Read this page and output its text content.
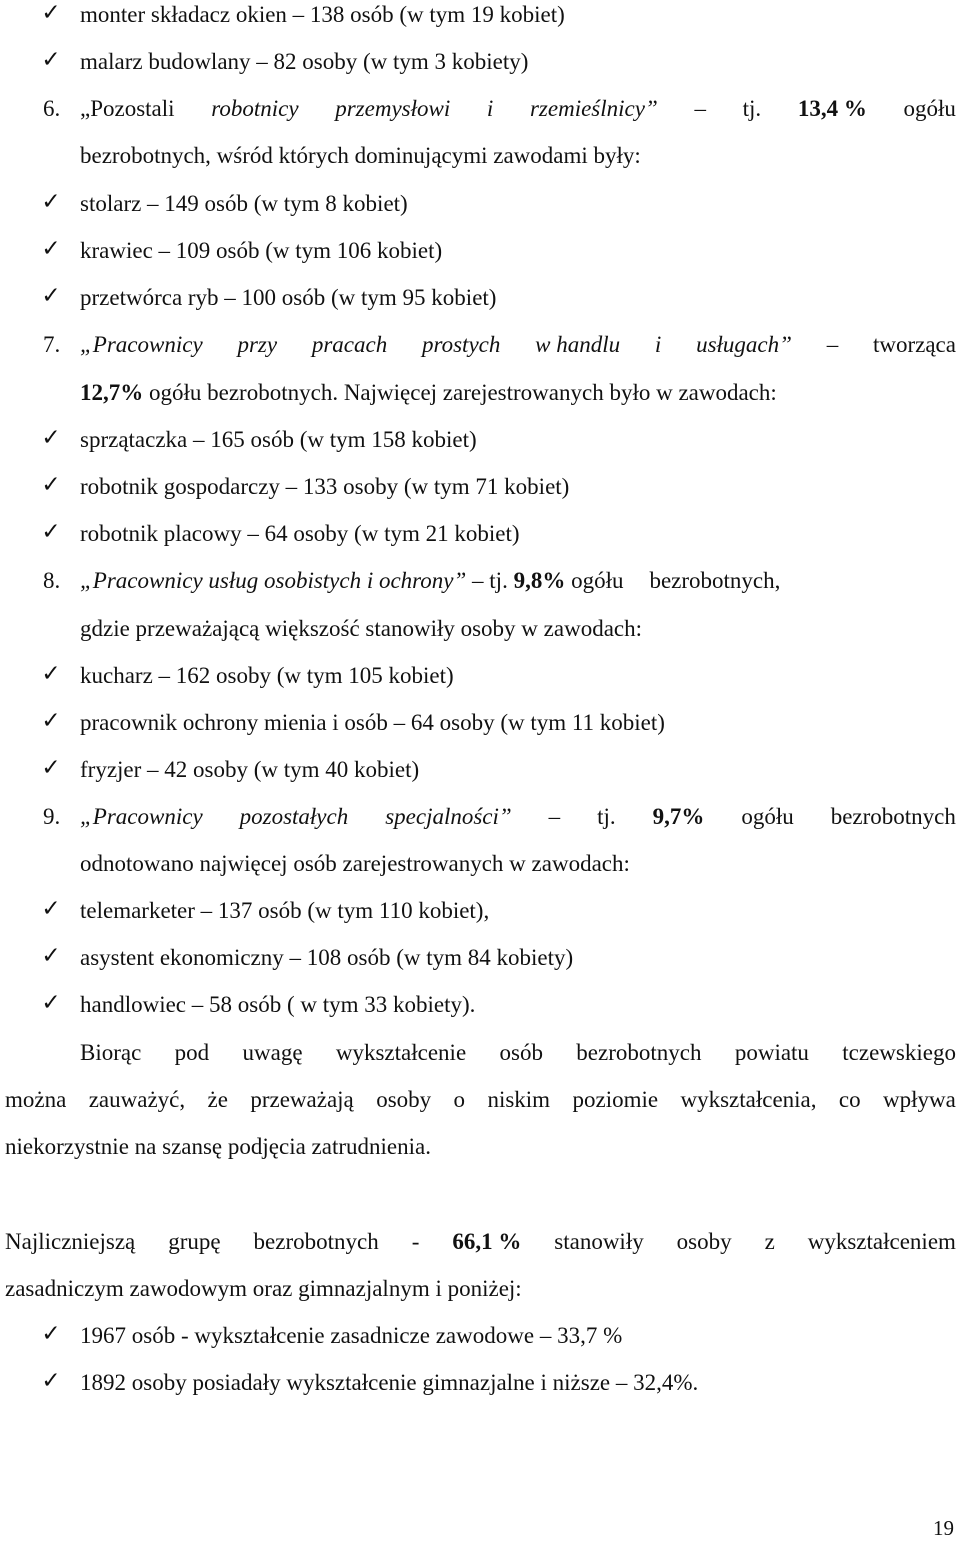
✓ monter składacz okien – 138 osób (w tym 19 kobiet)
✓ malarz budowlany – 82 osoby (w tym 3 kobiety)
6. „Pozostali robotnicy przemysłowi i rzemieślnicy” – tj. 13,4 % ogółu
bezrobotnych, wśród których dominującymi zawodami były:
✓ stolarz – 149 osób (w tym 8 kobiet)
✓ krawiec – 109 osób (w tym 106 kobiet)
✓ przetwórca ryb – 100 osób (w tym 95 kobiet)
7. „Pracownicy przy pracach prostych w handlu i usługach” – tworząca
12,7% ogółu bezrobotnych. Najwięcej zarejestrowanych było w zawodach:
✓ sprzątaczka – 165 osób (w tym 158 kobiet)
✓ robotnik gospodarczy – 133 osoby (w tym 71 kobiet)
✓ robotnik placowy – 64 osoby (w tym 21 kobiet)
8. „Pracownicy usług osobistych i ochrony” – tj. 9,8% ogółu bezrobotnych,
gdzie przeważającą większość stanowiły osoby w zawodach:
✓ kucharz – 162 osoby (w tym 105 kobiet)
✓ pracownik ochrony mienia i osób – 64 osoby (w tym 11 kobiet)
✓ fryzjer – 42 osoby (w tym 40 kobiet)
9. „Pracownicy pozostałych specjalności” – tj. 9,7% ogółu bezrobotnych
odnotowano najwięcej osób zarejestrowanych w zawodach:
✓ telemarketer – 137 osób (w tym 110 kobiet),
✓ asystent ekonomiczny – 108 osób (w tym 84 kobiety)
✓ handlowiec – 58 osób ( w tym 33 kobiety).
Biorąc pod uwagę wykształcenie osób bezrobotnych powiatu tczewskiego
można zauważyć, że przeważają osoby o niskim poziomie wykształcenia, co wpływa
niekorzystnie na szansę podjęcia zatrudnienia.
Najliczniejszą grupę bezrobotnych - 66,1 % stanowiły osoby z wykształceniem
zasadniczym zawodowym oraz gimnazjalnym i poniżej:
✓ 1967 osób - wykształcenie zasadnicze zawodowe – 33,7 %
✓ 1892 osoby posiadały wykształcenie gimnazjalne i niższe – 32,4%.
19
